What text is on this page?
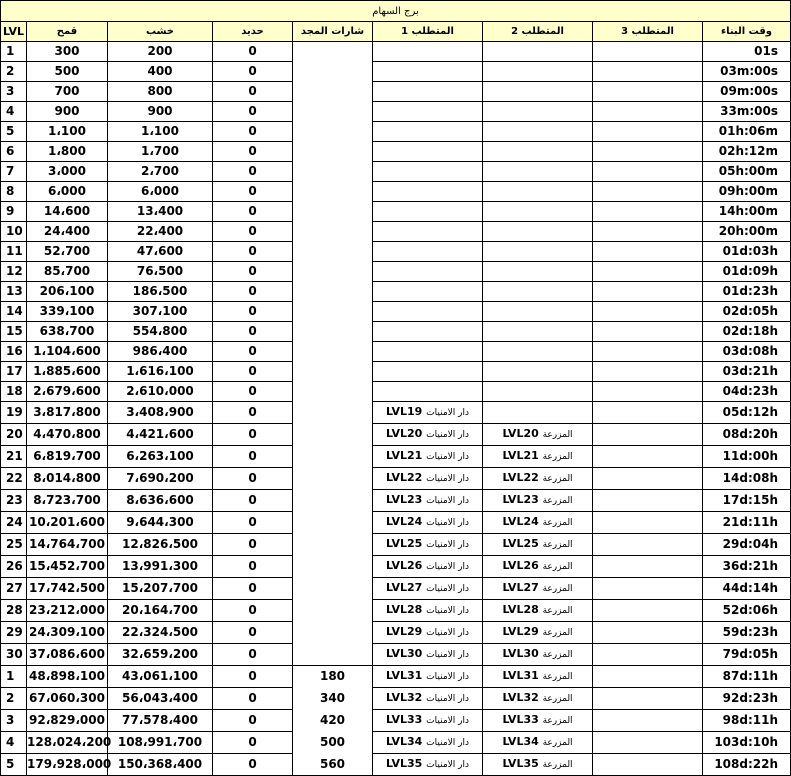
برج السهام								
LVL	قمح	خشب	حديد	شارات المجد	المتطلب 1	المتطلب 2	المتطلب 3	وقت البناء
1	300	200	0					01s
2	500	400	0					03m:00s
3	700	800	0					09m:00s
4	900	900	0					33m:00s
5	1،100	1،100	0					01h:06m
6	1،800	1،700	0					02h:12m
7	3،000	2،700	0					05h:00m
8	6،000	6،000	0					09h:00m
9	14،600	13،400	0					14h:00m
10	24،400	22،400	0					20h:00m
11	52،700	47،600	0					01d:03h
12	85،700	76،500	0					01d:09h
13	206،100	186،500	0					01d:23h
14	339،100	307،100	0					02d:05h
15	638،700	554،800	0					02d:18h
16	1،104،600	986،400	0					03d:08h
17	1،885،600	1،616،100	0					03d:21h
18	2،679،600	2،610،000	0					04d:23h
19	3،817،800	3،408،900	0		LVL19 دار الامنيات			05d:12h
20	4،470،800	4،421،600	0		LVL20 دار الامنيات	LVL20 المزرعة		08d:20h
21	6،819،700	6،263،100	0		LVL21 دار الامنيات	LVL21 المزرعة		11d:00h
22	8،014،800	7،690،200	0		LVL22 دار الامنيات	LVL22 المزرعة		14d:08h
23	8،723،700	8،636،600	0		LVL23 دار الامنيات	LVL23 المزرعة		17d:15h
24	10،201،600	9،644،300	0		LVL24 دار الامنيات	LVL24 المزرعة		21d:11h
25	14،764،700	12،826،500	0		LVL25 دار الامنيات	LVL25 المزرعة		29d:04h
26	15،452،700	13،991،300	0		LVL26 دار الامنيات	LVL26 المزرعة		36d:21h
27	17،742،500	15،207،700	0		LVL27 دار الامنيات	LVL27 المزرعة		44d:14h
28	23،212،000	20،164،700	0		LVL28 دار الامنيات	LVL28 المزرعة		52d:06h
29	24،309،100	22،324،500	0		LVL29 دار الامنيات	LVL29 المزرعة		59d:23h
30	37،086،600	32،659،200	0		LVL30 دار الامنيات	LVL30 المزرعة		79d:05h
1	48،898،100	43،061،100	0	180	LVL31 دار الامنيات	LVL31 المزرعة		87d:11h
2	67،060،300	56،043،400	0	340	LVL32 دار الامنيات	LVL32 المزرعة		92d:23h
3	92،829،000	77،578،400	0	420	LVL33 دار الامنيات	LVL33 المزرعة		98d:11h
4	128،024،200	108،991،700	0	500	LVL34 دار الامنيات	LVL34 المزرعة		103d:10h
5	179،928،000	150،368،400	0	560	LVL35 دار الامنيات	LVL35 المزرعة		108d:22h
